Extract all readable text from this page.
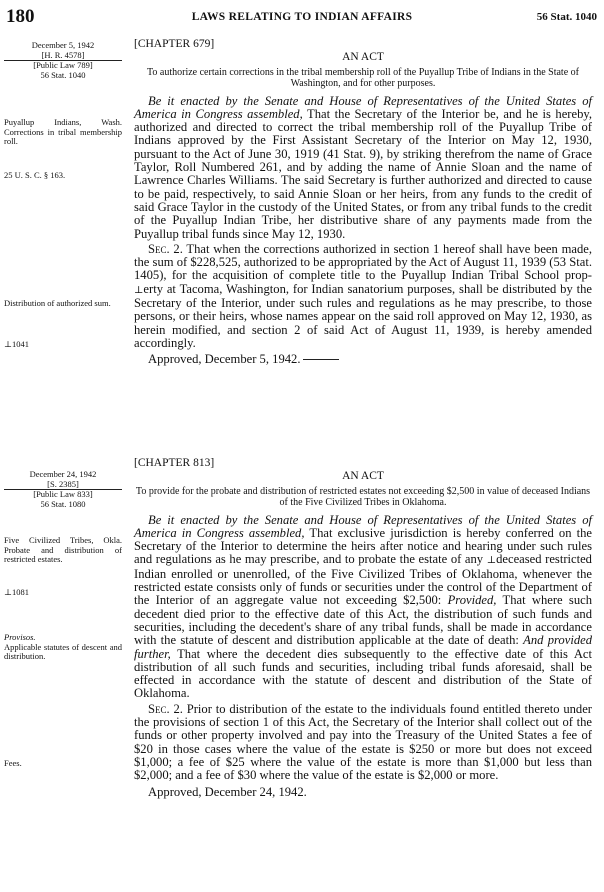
180	LAWS RELATING TO INDIAN AFFAIRS	56 Stat. 1040
December 5, 1942
[H. R. 4578]
[Public Law 789]
56 Stat. 1040
Puyallup Indians, Wash. Corrections in tribal membership roll.
25 U. S. C. § 163.
Distribution of authorized sum.
⊥1041
[CHAPTER 679]
AN ACT
To authorize certain corrections in the tribal membership roll of the Puyallup Tribe of Indians in the State of Washington, and for other purposes.
Be it enacted by the Senate and House of Representatives of the United States of America in Congress assembled, That the Secretary of the Interior be, and he is hereby, authorized and directed to correct the tribal membership roll of the Puyallup Tribe of Indians approved by the First Assistant Secretary of the Interior on May 12, 1930, pursuant to the Act of June 30, 1919 (41 Stat. 9), by striking therefrom the name of Grace Taylor, Roll Numbered 261, and by adding the name of Annie Sloan and the name of Lawrence Charles Williams. The said Secretary is further authorized and directed to cause to be paid, respectively, to said Annie Sloan or her heirs, from any funds to the credit of said Grace Taylor in the custody of the United States, or from any tribal funds to the credit of the Puyallup Indian Tribe, her distributive share of any payments made from the Puyallup tribal funds since May 12, 1930.
Sec. 2. That when the corrections authorized in section 1 hereof shall have been made, the sum of $228,525, authorized to be appropriated by the Act of August 11, 1939 (53 Stat. 1405), for the acquisition of complete title to the Puyallup Indian Tribal School prop-⊥erty at Tacoma, Washington, for Indian sanatorium purposes, shall be distributed by the Secretary of the Interior, under such rules and regulations as he may prescribe, to those persons, or their heirs, whose names appear on the said roll approved on May 12, 1930, as herein modified, and section 2 of said Act of August 11, 1939, is hereby amended accordingly.
Approved, December 5, 1942.
December 24, 1942
[S. 2385]
[Public Law 833]
56 Stat. 1080
Five Civilized Tribes, Okla. Probate and distribution of restricted estates.
⊥1081
Provisos.
Applicable statutes of descent and distribution.
Fees.
[CHAPTER 813]
AN ACT
To provide for the probate and distribution of restricted estates not exceeding $2,500 in value of deceased Indians of the Five Civilized Tribes in Oklahoma.
Be it enacted by the Senate and House of Representatives of the United States of America in Congress assembled, That exclusive jurisdiction is hereby conferred on the Secretary of the Interior to determine the heirs after notice and hearing under such rules and regulations as he may prescribe, and to probate the estate of any ⊥deceased restricted Indian enrolled or unenrolled, of the Five Civilized Tribes of Oklahoma, whenever the restricted estate consists only of funds or securities under the control of the Department of the Interior of an aggregate value not exceeding $2,500: Provided, That where such decedent died prior to the effective date of this Act, the distribution of such funds and securities, including the decedent's share of any tribal funds, shall be made in accordance with the statute of descent and distribution applicable at the date of death: And provided further, That where the decedent dies subsequently to the effective date of this Act distribution of all such funds and securities, including tribal funds aforesaid, shall be effected in accordance with the statute of descent and distribution of the State of Oklahoma.
Sec. 2. Prior to distribution of the estate to the individuals found entitled thereto under the provisions of section 1 of this Act, the Secretary of the Interior shall collect out of the funds or other property involved and pay into the Treasury of the United States a fee of $20 in those cases where the value of the estate is $250 or more but does not exceed $1,000; a fee of $25 where the value of the estate is more than $1,000 but less than $2,000; and a fee of $30 where the value of the estate is $2,000 or more.
Approved, December 24, 1942.
